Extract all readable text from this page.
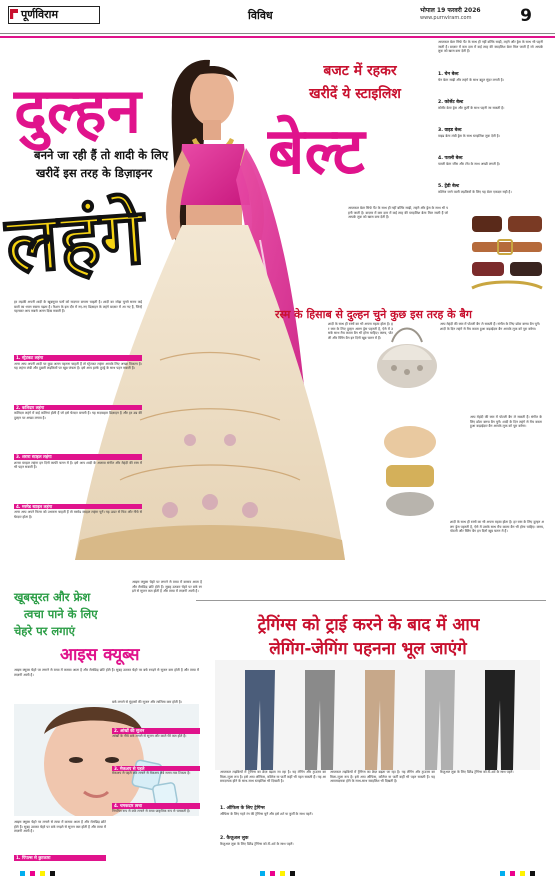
पूर्णविराम	विविध	भोपाल 19 फरवरी 2026
www.purnviram.com	9
दुल्हन
बनने जा रही हैं तो शादी के लिए
खरीदें इस तरह के डिज़ाइनर
लहंगे
हर लड़की अपनी शादी के खूबसूरत पलों को यादगार बनाना चाहती है। शादी का जोड़ा चुनते समय कई बातों का ध्यान रखना पड़ता है। फैशन के इस दौर में नए-नए डिज़ाइन के लहंगे बाज़ार में आ गए हैं, जिन्हें पहनकर आप सबसे अलग दिख सकती हैं।
1. स्ट्रेटकट लहंगा
अगर आप अपनी शादी पर कुछ अलग पहनना चाहती हैं तो स्ट्रेटकट लहंगा आपके लिए अच्छा विकल्प है। यह लहंगा लंबी और दुबली लड़कियों पर खूब जंचता है। इसे आप हल्के दुपट्टे के साथ पहन सकती हैं।
2. कलिदार लहंगा
कलिदार लहंगे में कई कलियां होती हैं जो इसे घेरदार बनाती हैं। यह सदाबहार डिज़ाइन है और हर उम्र की दुल्हन पर अच्छा लगता है।
3. शरारा स्टाइल लहंगा
शरारा स्टाइल लहंगा इन दिनों काफी चलन में है। इसे आप शादी के अलावा संगीत और मेहंदी की रस्म में भी पहन सकती हैं।
4. मरमेड स्टाइल लहंगा
अगर आप अपने फिगर को उभारना चाहती हैं तो मरमेड स्टाइल लहंगा चुनें। यह ऊपर से फिट और नीचे से घेरदार होता है।
बजट में रहकर
खरीदें ये स्टाइलिश
बेल्ट
आजकल बेल्ट सिर्फ पैंट के साथ ही नहीं बल्कि साड़ी, लहंगे और ड्रेस के साथ भी पहनी जाती है। बाज़ार में कम दाम में कई तरह की स्टाइलिश बेल्ट मिल जाती हैं जो आपके लुक को खास बना देती हैं।
आजकल बेल्ट सिर्फ पैंट के साथ ही नहीं बल्कि साड़ी, लहंगे और ड्रेस के साथ भी पहनी जाती है। बाज़ार में कम दाम में कई तरह की स्टाइलिश बेल्ट मिल जाती हैं जो आपके लुक को खास बना देती हैं।
1. चेन बेल्ट
चेन बेल्ट साड़ी और लहंगे के साथ बहुत सुंदर लगती है।
2. कोर्सेट बेल्ट
कोर्सेट बेल्ट ड्रेस और कुर्ती के साथ पहनी जा सकती है।
3. वाइड बेल्ट
वाइड बेल्ट लंबी ड्रेस के साथ स्टाइलिश लुक देती है।
4. पतली बेल्ट
पतली बेल्ट जींस और टॉप के साथ अच्छी लगती है।
5. ट्रेंडी बेल्ट
कॉलेज जाने वाली लड़कियों के लिए यह बेल्ट एकदम सही है।
रस्म के हिसाब से दुल्हन चुने कुछ इस तरह के बैग
शादी के साथ ही रस्मों का भी अपना महत्व होता है। हर रस्म के लिए दुल्हन अलग ड्रेस पहनती है, ऐसे में उसके साथ मैच करता बैग भी होना चाहिए। क्लच, पोटली और स्लिंग बैग इन दिनों खूब चलन में हैं।
आप मेहंदी की रस्म में पोटली बैग ले सकती हैं। संगीत के लिए छोटा क्लच बैग चुनें। शादी के दिन लहंगे से मैच करता हुआ कढ़ाईदार बैग आपके लुक को पूरा करेगा।
आप मेहंदी की रस्म में पोटली बैग ले सकती हैं। संगीत के लिए छोटा क्लच बैग चुनें। शादी के दिन लहंगे से मैच करता हुआ कढ़ाईदार बैग आपके लुक को पूरा करेगा।
शादी के साथ ही रस्मों का भी अपना महत्व होता है। हर रस्म के लिए दुल्हन अलग ड्रेस पहनती है, ऐसे में उसके साथ मैच करता बैग भी होना चाहिए। क्लच, पोटली और स्लिंग बैग इन दिनों खूब चलन में हैं।
खूबसूरत और फ्रेश
त्वचा पाने के लिए
चेहरे पर लगाएं
आइस क्यूब्स
आइस क्यूब्स चेहरे पर लगाने से त्वचा में कसाव आता है और रोमछिद्र छोटे होते हैं। सुबह उठकर चेहरे पर बर्फ रगड़ने से सूजन कम होती है और त्वचा में ताज़गी आती है।
आइस क्यूब्स चेहरे पर लगाने से त्वचा में कसाव आता है और रोमछिद्र छोटे होते हैं। सुबह उठकर चेहरे पर बर्फ रगड़ने से सूजन कम होती है और त्वचा में ताज़गी आती है।
1. पिंपल्स से छुटकारा
बर्फ लगाने से मुंहासों की सूजन और लालिमा कम होती है।
2. आंखों की सूजन
आंखों के नीचे बर्फ लगाने से सूजन और काले घेरे कम होते हैं।
3. मेकअप से पहले
मेकअप से पहले बर्फ लगाने से मेकअप लंबे समय तक टिकता है।
4. चमकदार त्वचा
नियमित रूप से बर्फ लगाने से त्वचा प्राकृतिक रूप से चमकती है।
आइस क्यूब्स चेहरे पर लगाने से त्वचा में कसाव आता है और रोमछिद्र छोटे होते हैं। सुबह उठकर चेहरे पर बर्फ रगड़ने से सूजन कम होती है और त्वचा में ताज़गी आती है।
ट्रेगिंग्स को ट्राई करने के बाद में आप
लेगिंग-जेगिंग पहनना भूल जाएंगे
आजकल लड़कियों में ट्रेगिंग्स का क्रेज़ बढ़ता जा रहा है। यह लेगिंग और ट्राउज़र का मिला-जुला रूप है। इसे आप ऑफिस, कॉलेज या पार्टी कहीं भी पहन सकती हैं। यह आरामदायक होने के साथ-साथ स्टाइलिश भी दिखती है।
1. ऑफिस के लिए ट्रेगिंग्स
ऑफिस के लिए गहरे रंग की ट्रेगिंग्स चुनें और इसे शर्ट या कुर्ती के साथ पहनें।
2. कैज़ुअल लुक
कैज़ुअल लुक के लिए प्रिंटेड ट्रेगिंग्स को टी-शर्ट के साथ पहनें।
आजकल लड़कियों में ट्रेगिंग्स का क्रेज़ बढ़ता जा रहा है। यह लेगिंग और ट्राउज़र का मिला-जुला रूप है। इसे आप ऑफिस, कॉलेज या पार्टी कहीं भी पहन सकती हैं। यह आरामदायक होने के साथ-साथ स्टाइलिश भी दिखती है।
कैज़ुअल लुक के लिए प्रिंटेड ट्रेगिंग्स को टी-शर्ट के साथ पहनें।
